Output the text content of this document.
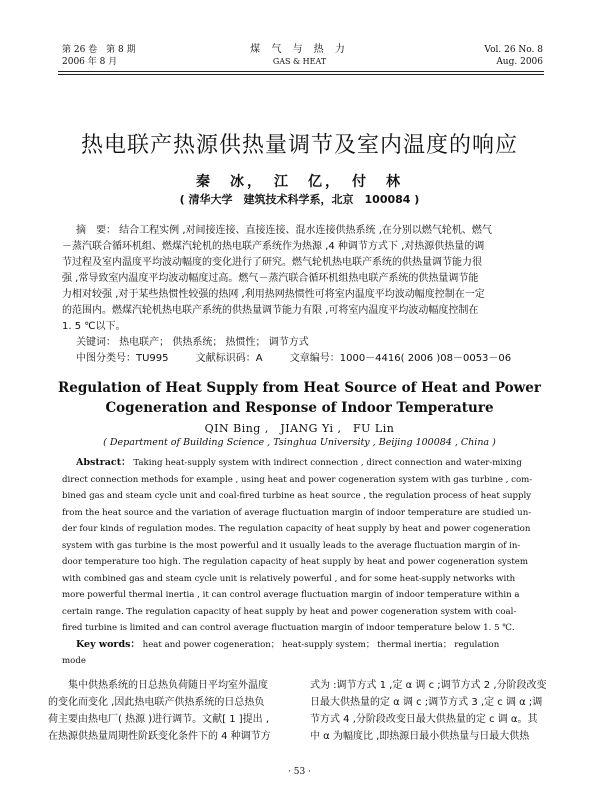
第 26 卷　第 8 期
2006 年 8 月
煤 气 与 热 力
GAS & HEAT
Vol. 26 No. 8
Aug. 2006
热电联产热源供热量调节及室内温度的响应
秦　冰，　江　亿，　付　林
( 清华大学　建筑技术科学系，北京　100084 )
摘　要： 结合工程实例 ,对间接连接、直接连接、混水连接供热系统 ,在分别以燃气轮机、燃气
－蒸汽联合循环机组、燃煤汽轮机的热电联产系统作为热源 ,4 种调节方式下 ,对热源供热量的调
节过程及室内温度平均波动幅度的变化进行了研究。燃气轮机热电联产系统的供热量调节能力很
强 ,常导致室内温度平均波动幅度过高。燃气－蒸汽联合循环机组热电联产系统的供热量调节能
力相对较强 ,对于某些热惯性较强的热网 ,利用热网热惯性可将室内温度平均波动幅度控制在一定
的范围内。燃煤汽轮机热电联产系统的供热量调节能力有限 ,可将室内温度平均波动幅度控制在
1. 5 ℃以下。
关键词： 热电联产； 供热系统； 热惯性； 调节方式
中图分类号：TU995	文献标识码：A	文章编号：1000－4416( 2006 )08－0053－06
Regulation of Heat Supply from Heat Source of Heat and Power
Cogeneration and Response of Indoor Temperature
QIN Bing ,　JIANG Yi ,　FU Lin
( Department of Building Science , Tsinghua University , Beijing 100084 , China )
Abstract： Taking heat-supply system with indirect connection , direct connection and water-mixing
direct connection methods for example , using heat and power cogeneration system with gas turbine , com-
bined gas and steam cycle unit and coal-fired turbine as heat source , the regulation process of heat supply
from the heat source and the variation of average fluctuation margin of indoor temperature are studied un-
der four kinds of regulation modes. The regulation capacity of heat supply by heat and power cogeneration
system with gas turbine is the most powerful and it usually leads to the average fluctuation margin of in-
door temperature too high. The regulation capacity of heat supply by heat and power cogeneration system
with combined gas and steam cycle unit is relatively powerful , and for some heat-supply networks with
more powerful thermal inertia , it can control average fluctuation margin of indoor temperature within a
certain range. The regulation capacity of heat supply by heat and power cogeneration system with coal-
fired turbine is limited and can control average fluctuation margin of indoor temperature below 1. 5 ℃.
Key words： heat and power cogeneration； heat-supply system； thermal inertia； regulation
mode
集中供热系统的日总热负荷随日平均室外温度
的变化而变化 ,因此热电联产供热系统的日总热负
荷主要由热电厂( 热源 )进行调节。文献[ 1 ]提出 ,
在热源供热量周期性阶跃变化条件下的 4 种调节方
式为 :调节方式 1 ,定 α 调 c ;调节方式 2 ,分阶段改变
日最大供热量的定 α 调 c ;调节方式 3 ,定 c 调 α ;调
节方式 4 ,分阶段改变日最大供热量的定 c 调 α。其
中 α 为幅度比 ,即热源日最小供热量与日最大供热
· 53 ·
